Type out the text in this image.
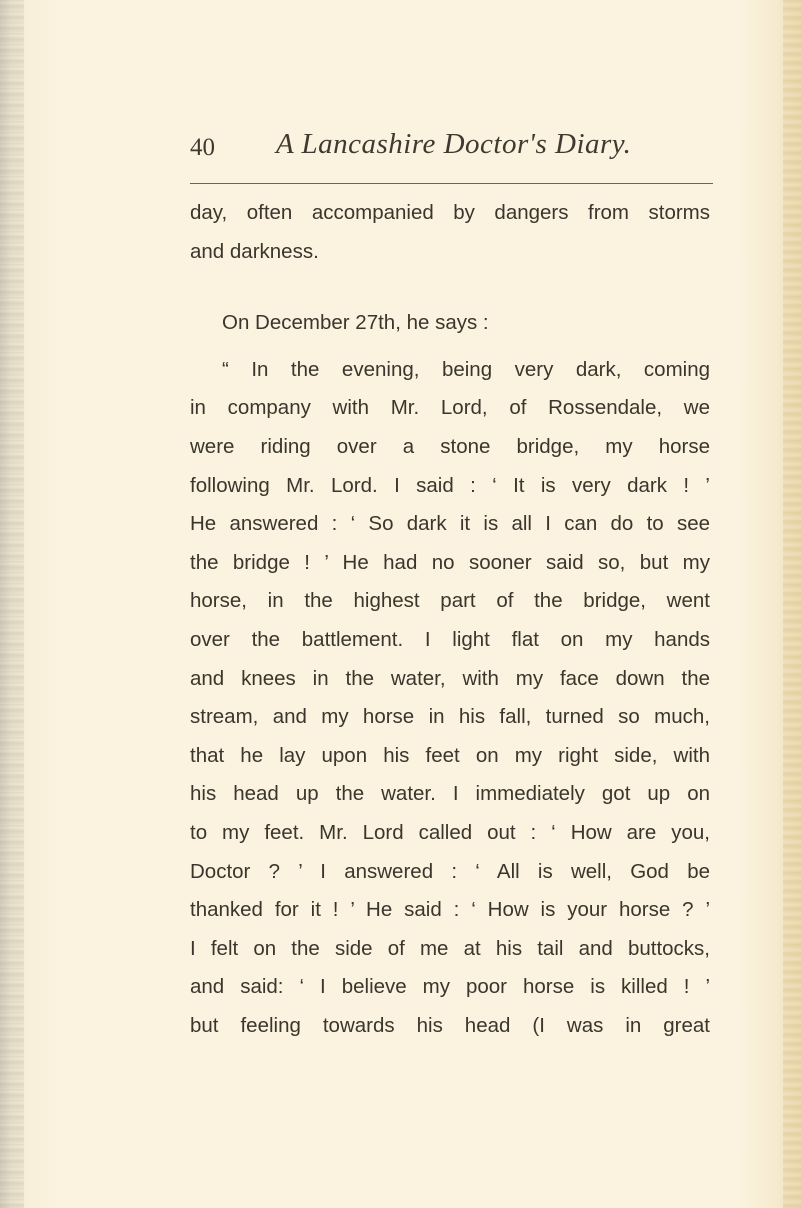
40 A Lancashire Doctor's Diary.
day, often accompanied by dangers from storms
and darkness.
On December 27th, he says :
“ In the evening, being very dark, coming
in company with Mr. Lord, of Rossendale, we
were riding over a stone bridge, my horse
following Mr. Lord. I said : ‘ It is very dark ! ’
He answered : ‘ So dark it is all I can do to see
the bridge ! ’ He had no sooner said so, but my
horse, in the highest part of the bridge, went
over the battlement. I light flat on my hands
and knees in the water, with my face down the
stream, and my horse in his fall, turned so much,
that he lay upon his feet on my right side, with
his head up the water. I immediately got up on
to my feet. Mr. Lord called out : ‘ How are you,
Doctor ? ’ I answered : ‘ All is well, God be
thanked for it ! ’ He said : ‘ How is your horse ? ’
I felt on the side of me at his tail and buttocks,
and said: ‘ I believe my poor horse is killed ! ’
but feeling towards his head (I was in great
